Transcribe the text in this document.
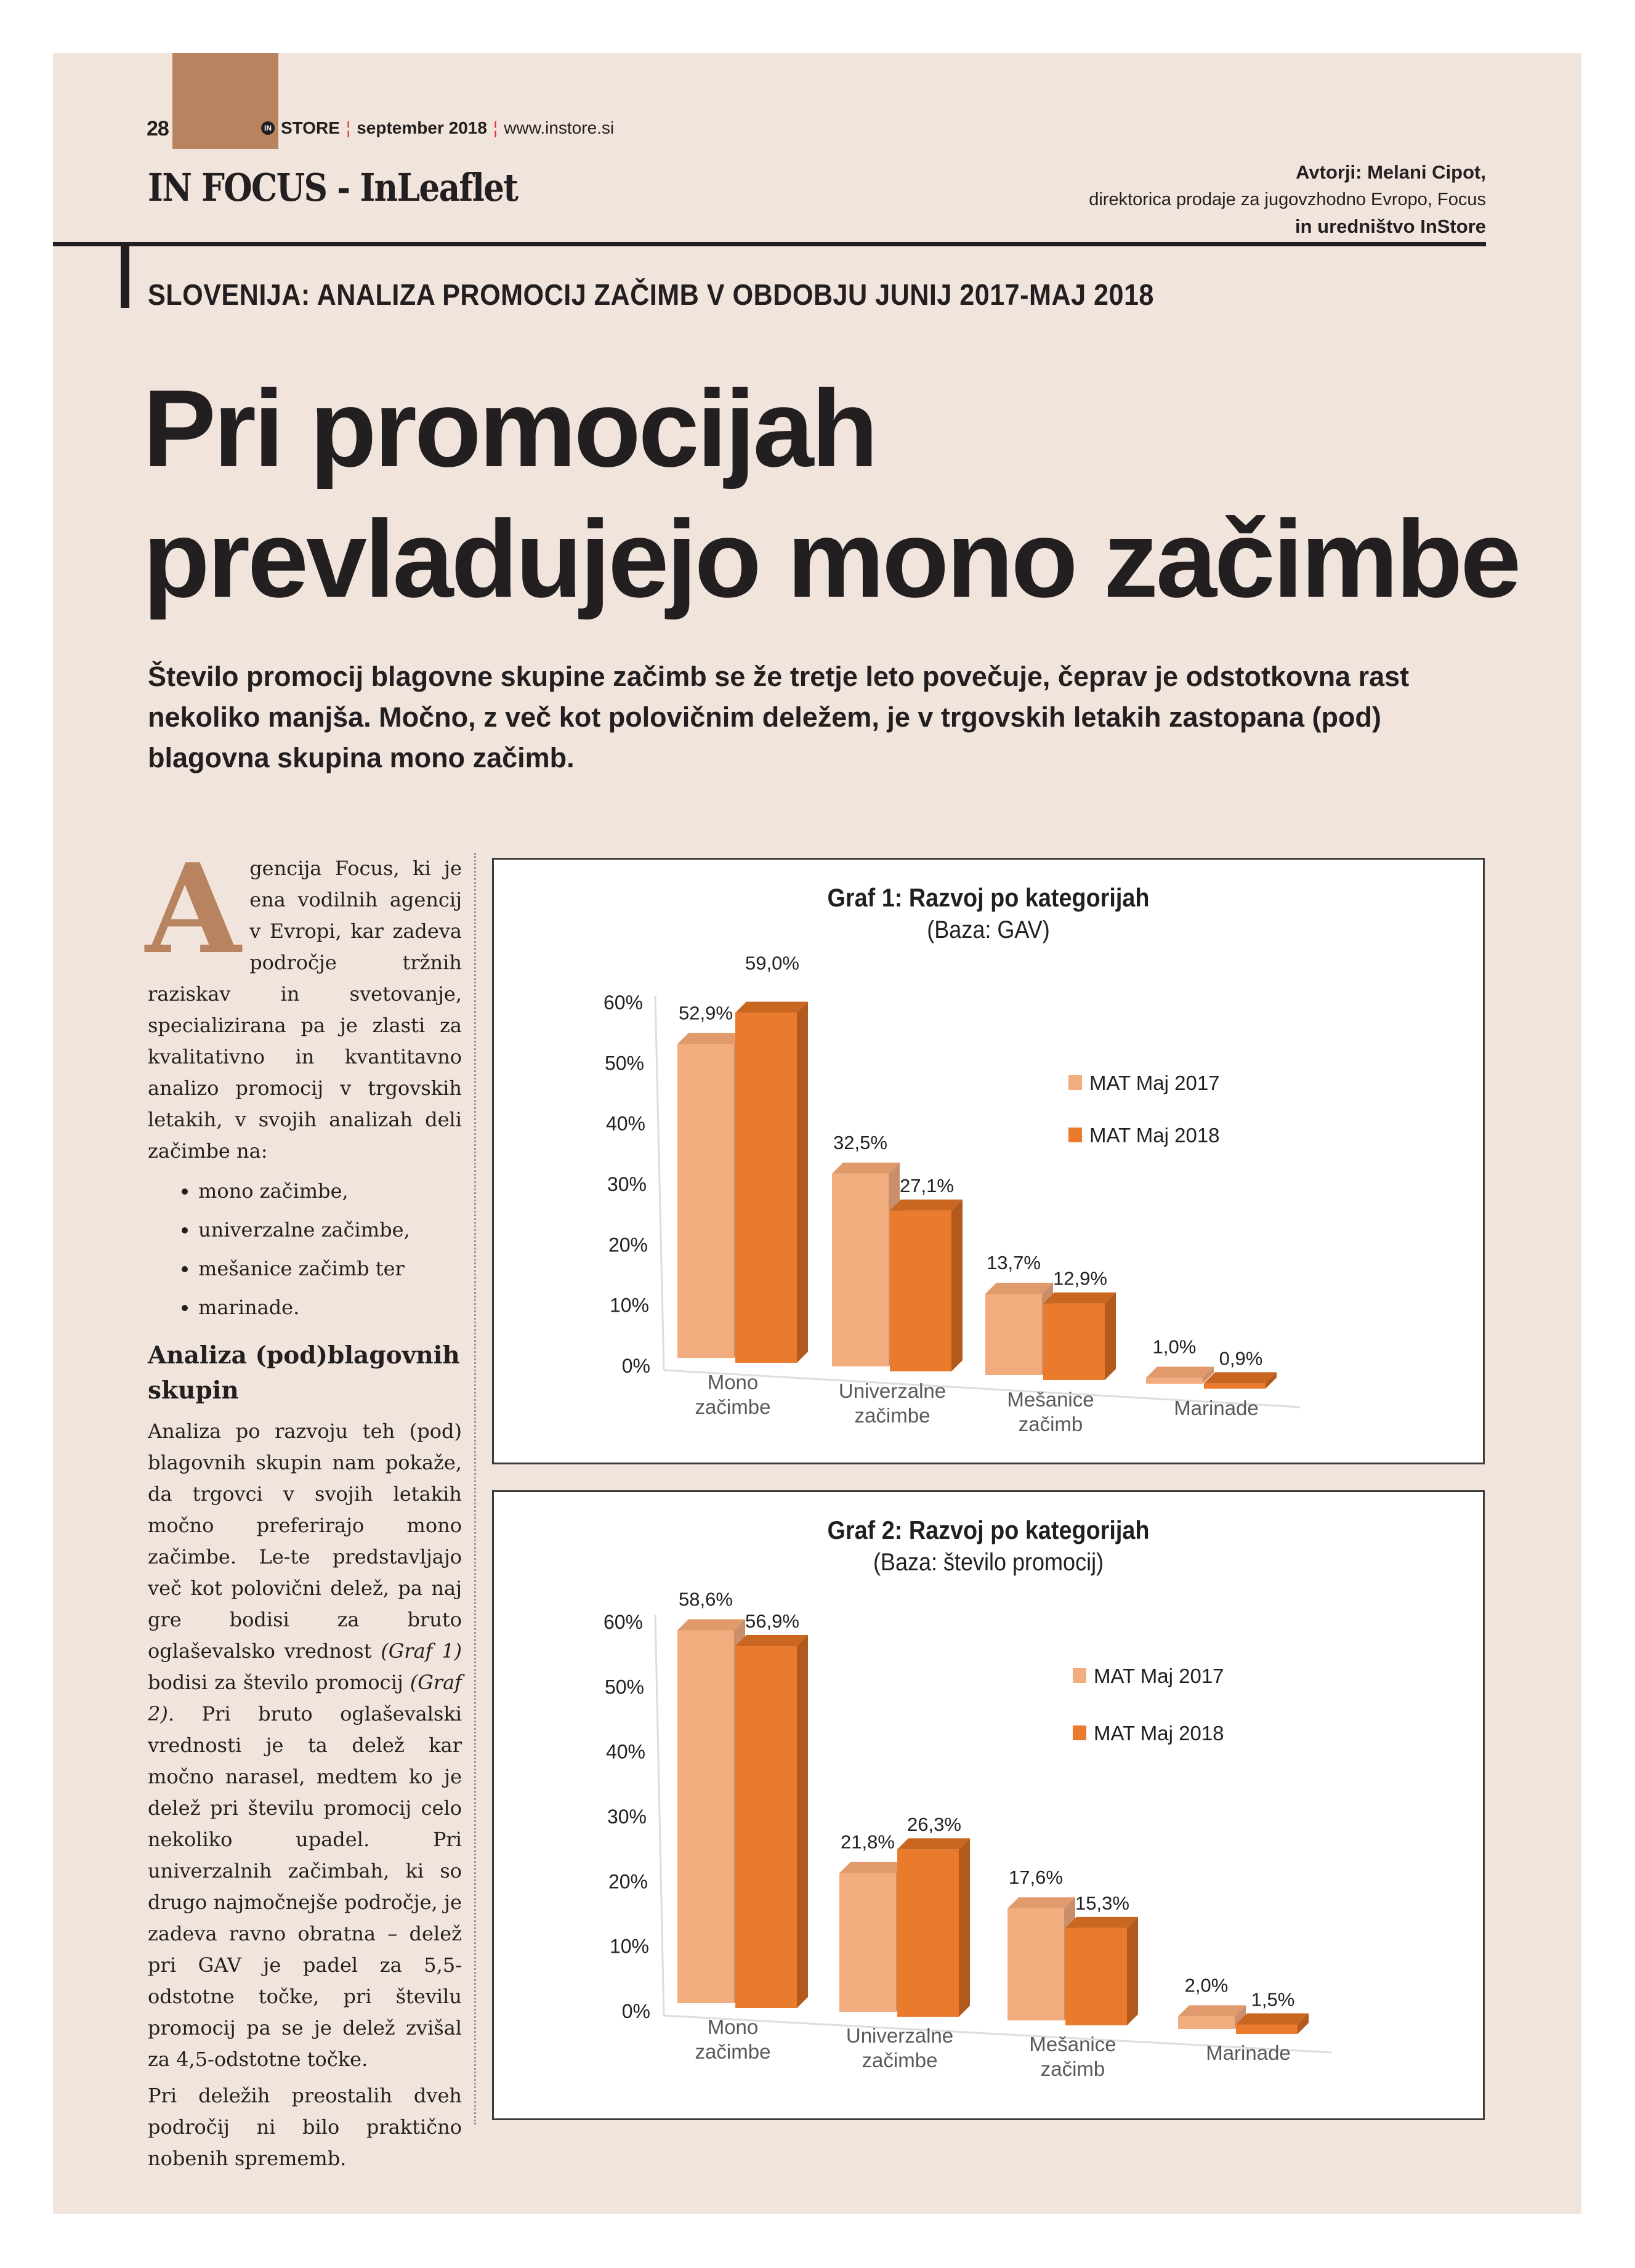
28	IN STORE ¦ september 2018 ¦ www.instore.si
IN FOCUS - InLeaflet	Avtorji: Melani Cipot,
direktorica prodaje za jugovzhodno Evropo, Focus
in uredništvo InStore
SLOVENIJA: ANALIZA PROMOCIJ ZAČIMB V OBDOBJU JUNIJ 2017-MAJ 2018
Pri promocijah
prevladujejo mono začimbe
Število promocij blagovne skupine začimb se že tretje leto povečuje, čeprav je odstotkovna rast nekoliko manjša. Močno, z več kot polovičnim deležem, je v trgovskih letakih zastopana (pod) blagovna skupina mono začimb.

Agencija Focus, ki je ena vodilnih agencij v Evropi, kar zadeva področje tržnih raziskav in svetovanje, specializirana pa je zlasti za kvalitativno in kvantitavno analizo promocij v trgovskih letakih, v svojih analizah deli začimbe na:

• mono začimbe,
• univerzalne začimbe,
• mešanice začimb ter
• marinade.
Analiza (pod)blagovnih skupin

Analiza po razvoju teh (pod) blagovnih skupin nam pokaže, da trgovci v svojih letakih močno preferirajo mono začimbe. Le-te predstavljajo več kot polovični delež, pa naj gre bodisi za bruto oglaševalsko vrednost (Graf 1) bodisi za število promocij (Graf 2). Pri bruto oglaševalski vrednosti je ta delež kar močno narasel, medtem ko je delež pri številu promocij celo nekoliko upadel. Pri univerzalnih začimbah, ki so drugo najmočnejše področje, je zadeva ravno obratna – delež pri GAV je padel za 5,5-odstotne točke, pri številu promocij pa se je delež zvišal za 4,5-odstotne točke.

Pri deležih preostalih dveh področij ni bilo praktično nobenih sprememb.

Graf 1: Razvoj po kategorijah
(Baza: GAV)
0%
10%
20%
30%
40%
50%
60%
Mono začimbe
52,9%
59,0%
Univerzalne začimbe
32,5%
27,1%
Mešanice začimb
13,7%
12,9%
Marinade
1,0%
0,9%
MAT Maj 2017
MAT Maj 2018
Graf 2: Razvoj po kategorijah
(Baza: število promocij)
0%
10%
20%
30%
40%
50%
60%
Mono začimbe
58,6%
56,9%
Univerzalne začimbe
21,8%
26,3%
Mešanice začimb
17,6%
15,3%
Marinade
2,0%
1,5%
MAT Maj 2017
MAT Maj 2018
